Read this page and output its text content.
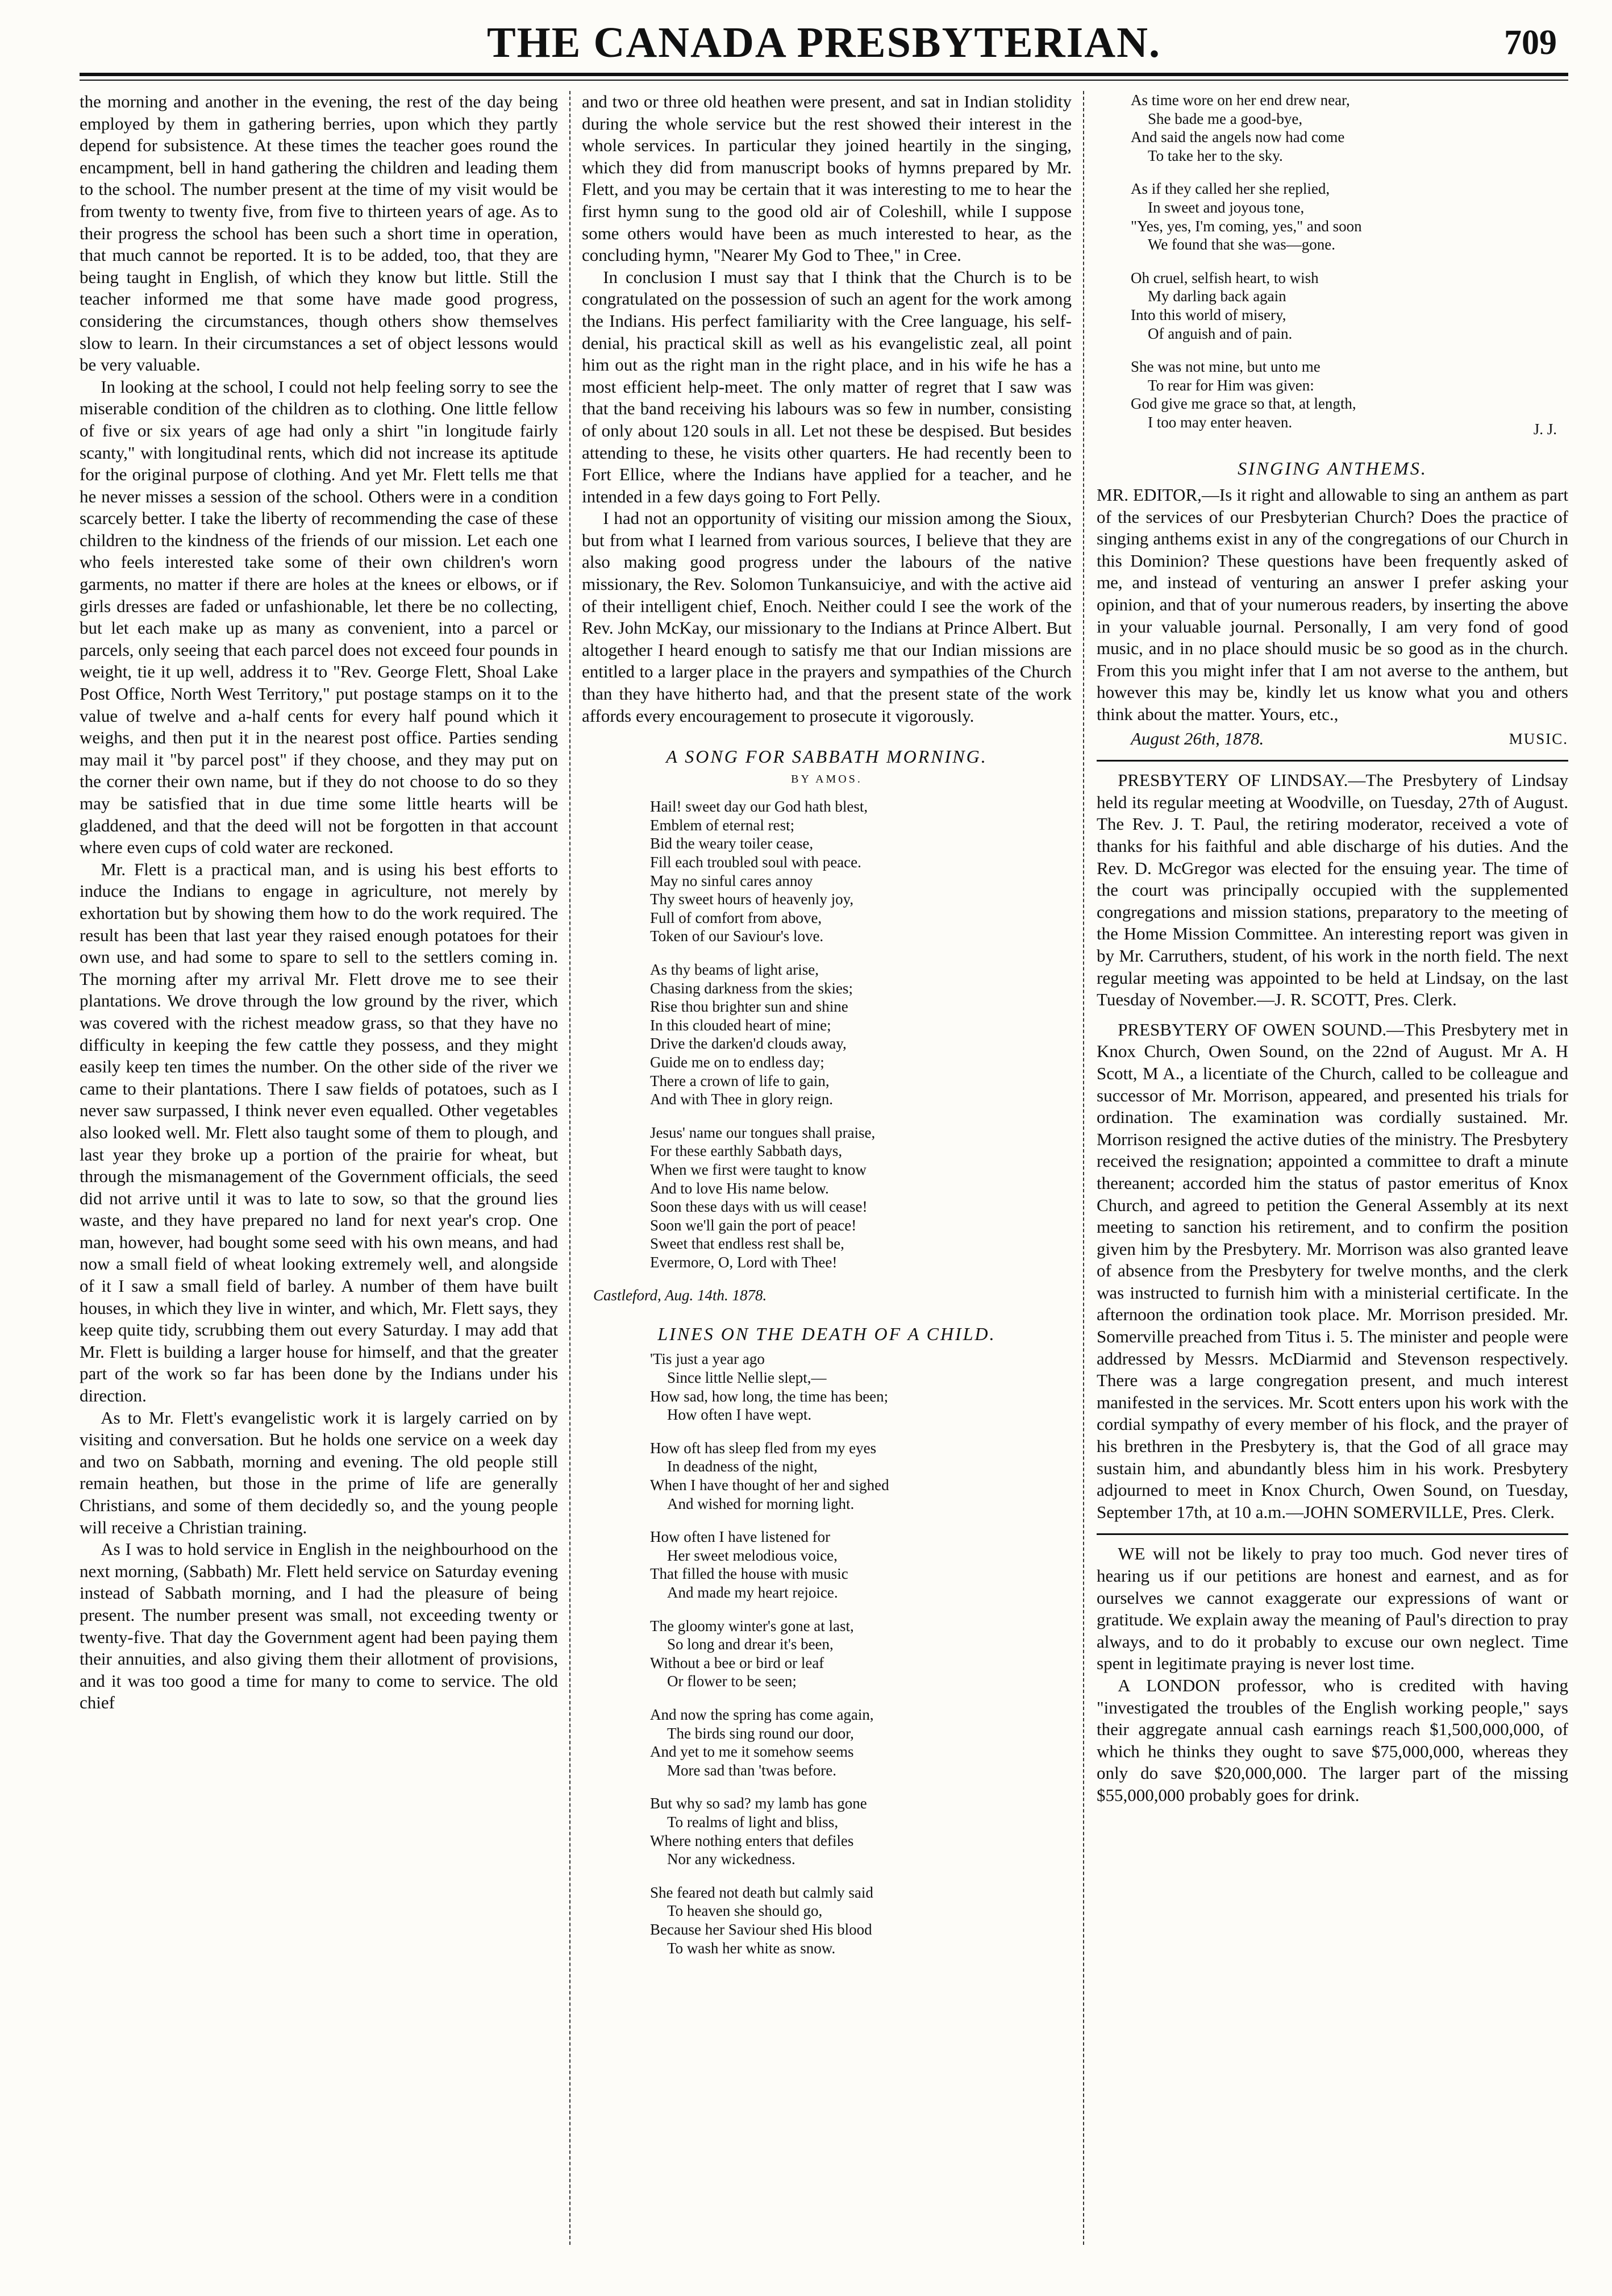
THE CANADA PRESBYTERIAN.	709

the morning and another in the evening, the rest of the day being employed by them in gathering berries, upon which they partly depend for subsistence. At these times the teacher goes round the encampment, bell in hand gathering the children and leading them to the school. The number present at the time of my visit would be from twenty to twenty five, from five to thirteen years of age. As to their progress the school has been such a short time in operation, that much cannot be reported. It is to be added, too, that they are being taught in English, of which they know but little. Still the teacher informed me that some have made good progress, considering the circumstances, though others show themselves slow to learn. In their circumstances a set of object lessons would be very valuable.

In looking at the school, I could not help feeling sorry to see the miserable condition of the children as to clothing. One little fellow of five or six years of age had only a shirt "in longitude fairly scanty," with longitudinal rents, which did not increase its aptitude for the original purpose of clothing. And yet Mr. Flett tells me that he never misses a session of the school. Others were in a condition scarcely better. I take the liberty of recommending the case of these children to the kindness of the friends of our mission. Let each one who feels interested take some of their own children's worn garments, no matter if there are holes at the knees or elbows, or if girls dresses are faded or unfashionable, let there be no collecting, but let each make up as many as convenient, into a parcel or parcels, only seeing that each parcel does not exceed four pounds in weight, tie it up well, address it to "Rev. George Flett, Shoal Lake Post Office, North West Territory," put postage stamps on it to the value of twelve and a-half cents for every half pound which it weighs, and then put it in the nearest post office. Parties sending may mail it "by parcel post" if they choose, and they may put on the corner their own name, but if they do not choose to do so they may be satisfied that in due time some little hearts will be gladdened, and that the deed will not be forgotten in that account where even cups of cold water are reckoned.

Mr. Flett is a practical man, and is using his best efforts to induce the Indians to engage in agriculture, not merely by exhortation but by showing them how to do the work required. The result has been that last year they raised enough potatoes for their own use, and had some to spare to sell to the settlers coming in. The morning after my arrival Mr. Flett drove me to see their plantations. We drove through the low ground by the river, which was covered with the richest meadow grass, so that they have no difficulty in keeping the few cattle they possess, and they might easily keep ten times the number. On the other side of the river we came to their plantations. There I saw fields of potatoes, such as I never saw surpassed, I think never even equalled. Other vegetables also looked well. Mr. Flett also taught some of them to plough, and last year they broke up a portion of the prairie for wheat, but through the mismanagement of the Government officials, the seed did not arrive until it was to late to sow, so that the ground lies waste, and they have prepared no land for next year's crop. One man, however, had bought some seed with his own means, and had now a small field of wheat looking extremely well, and alongside of it I saw a small field of barley. A number of them have built houses, in which they live in winter, and which, Mr. Flett says, they keep quite tidy, scrubbing them out every Saturday. I may add that Mr. Flett is building a larger house for himself, and that the greater part of the work so far has been done by the Indians under his direction.

As to Mr. Flett's evangelistic work it is largely carried on by visiting and conversation. But he holds one service on a week day and two on Sabbath, morning and evening. The old people still remain heathen, but those in the prime of life are generally Christians, and some of them decidedly so, and the young people will receive a Christian training.

As I was to hold service in English in the neighbourhood on the next morning, (Sabbath) Mr. Flett held service on Saturday evening instead of Sabbath morning, and I had the pleasure of being present. The number present was small, not exceeding twenty or twenty-five. That day the Government agent had been paying them their annuities, and also giving them their allotment of provisions, and it was too good a time for many to come to service. The old chief

and two or three old heathen were present, and sat in Indian stolidity during the whole service but the rest showed their interest in the whole services. In particular they joined heartily in the singing, which they did from manuscript books of hymns prepared by Mr. Flett, and you may be certain that it was interesting to me to hear the first hymn sung to the good old air of Coleshill, while I suppose some others would have been as much interested to hear, as the concluding hymn, "Nearer My God to Thee," in Cree.

In conclusion I must say that I think that the Church is to be congratulated on the possession of such an agent for the work among the Indians. His perfect familiarity with the Cree language, his self-denial, his practical skill as well as his evangelistic zeal, all point him out as the right man in the right place, and in his wife he has a most efficient help-meet. The only matter of regret that I saw was that the band receiving his labours was so few in number, consisting of only about 120 souls in all. Let not these be despised. But besides attending to these, he visits other quarters. He had recently been to Fort Ellice, where the Indians have applied for a teacher, and he intended in a few days going to Fort Pelly.

I had not an opportunity of visiting our mission among the Sioux, but from what I learned from various sources, I believe that they are also making good progress under the labours of the native missionary, the Rev. Solomon Tunkansuiciye, and with the active aid of their intelligent chief, Enoch. Neither could I see the work of the Rev. John McKay, our missionary to the Indians at Prince Albert. But altogether I heard enough to satisfy me that our Indian missions are entitled to a larger place in the prayers and sympathies of the Church than they have hitherto had, and that the present state of the work affords every encouragement to prosecute it vigorously.

A SONG FOR SABBATH MORNING.
BY AMOS.
Hail! sweet day our God hath blest,
Emblem of eternal rest;
Bid the weary toiler cease,
Fill each troubled soul with peace.
May no sinful cares annoy
Thy sweet hours of heavenly joy,
Full of comfort from above,
Token of our Saviour's love.
As thy beams of light arise,
Chasing darkness from the skies;
Rise thou brighter sun and shine
In this clouded heart of mine;
Drive the darken'd clouds away,
Guide me on to endless day;
There a crown of life to gain,
And with Thee in glory reign.
Jesus' name our tongues shall praise,
For these earthly Sabbath days,
When we first were taught to know
And to love His name below.
Soon these days with us will cease!
Soon we'll gain the port of peace!
Sweet that endless rest shall be,
Evermore, O, Lord with Thee!
Castleford, Aug. 14th. 1878.
LINES ON THE DEATH OF A CHILD.
'Tis just a year ago
Since little Nellie slept,—
How sad, how long, the time has been;
How often I have wept.
How oft has sleep fled from my eyes
In deadness of the night,
When I have thought of her and sighed
And wished for morning light.
How often I have listened for
Her sweet melodious voice,
That filled the house with music
And made my heart rejoice.
The gloomy winter's gone at last,
So long and drear it's been,
Without a bee or bird or leaf
Or flower to be seen;
And now the spring has come again,
The birds sing round our door,
And yet to me it somehow seems
More sad than 'twas before.
But why so sad? my lamb has gone
To realms of light and bliss,
Where nothing enters that defiles
Nor any wickedness.
She feared not death but calmly said
To heaven she should go,
Because her Saviour shed His blood
To wash her white as snow.
As time wore on her end drew near,
She bade me a good-bye,
And said the angels now had come
To take her to the sky.
As if they called her she replied,
In sweet and joyous tone,
"Yes, yes, I'm coming, yes," and soon
We found that she was—gone.
Oh cruel, selfish heart, to wish
My darling back again
Into this world of misery,
Of anguish and of pain.
She was not mine, but unto me
To rear for Him was given:
God give me grace so that, at length,
I too may enter heaven.	J. J.
SINGING ANTHEMS.

MR. EDITOR,—Is it right and allowable to sing an anthem as part of the services of our Presbyterian Church? Does the practice of singing anthems exist in any of the congregations of our Church in this Dominion? These questions have been frequently asked of me, and instead of venturing an answer I prefer asking your opinion, and that of your numerous readers, by inserting the above in your valuable journal. Personally, I am very fond of good music, and in no place should music be so good as in the church. From this you might infer that I am not averse to the anthem, but however this may be, kindly let us know what you and others think about the matter. Yours, etc.,

August 26th, 1878.	MUSIC.

PRESBYTERY OF LINDSAY.—The Presbytery of Lindsay held its regular meeting at Woodville, on Tuesday, 27th of August. The Rev. J. T. Paul, the retiring moderator, received a vote of thanks for his faithful and able discharge of his duties. And the Rev. D. McGregor was elected for the ensuing year. The time of the court was principally occupied with the supplemented congregations and mission stations, preparatory to the meeting of the Home Mission Committee. An interesting report was given in by Mr. Carruthers, student, of his work in the north field. The next regular meeting was appointed to be held at Lindsay, on the last Tuesday of November.—J. R. SCOTT, Pres. Clerk.

PRESBYTERY OF OWEN SOUND.—This Presbytery met in Knox Church, Owen Sound, on the 22nd of August. Mr A. H Scott, M A., a licentiate of the Church, called to be colleague and successor of Mr. Morrison, appeared, and presented his trials for ordination. The examination was cordially sustained. Mr. Morrison resigned the active duties of the ministry. The Presbytery received the resignation; appointed a committee to draft a minute thereanent; accorded him the status of pastor emeritus of Knox Church, and agreed to petition the General Assembly at its next meeting to sanction his retirement, and to confirm the position given him by the Presbytery. Mr. Morrison was also granted leave of absence from the Presbytery for twelve months, and the clerk was instructed to furnish him with a ministerial certificate. In the afternoon the ordination took place. Mr. Morrison presided. Mr. Somerville preached from Titus i. 5. The minister and people were addressed by Messrs. McDiarmid and Stevenson respectively. There was a large congregation present, and much interest manifested in the services. Mr. Scott enters upon his work with the cordial sympathy of every member of his flock, and the prayer of his brethren in the Presbytery is, that the God of all grace may sustain him, and abundantly bless him in his work. Presbytery adjourned to meet in Knox Church, Owen Sound, on Tuesday, September 17th, at 10 a.m.—JOHN SOMERVILLE, Pres. Clerk.

WE will not be likely to pray too much. God never tires of hearing us if our petitions are honest and earnest, and as for ourselves we cannot exaggerate our expressions of want or gratitude. We explain away the meaning of Paul's direction to pray always, and to do it probably to excuse our own neglect. Time spent in legitimate praying is never lost time.

A LONDON professor, who is credited with having "investigated the troubles of the English working people," says their aggregate annual cash earnings reach $1,500,000,000, of which he thinks they ought to save $75,000,000, whereas they only do save $20,000,000. The larger part of the missing $55,000,000 probably goes for drink.
